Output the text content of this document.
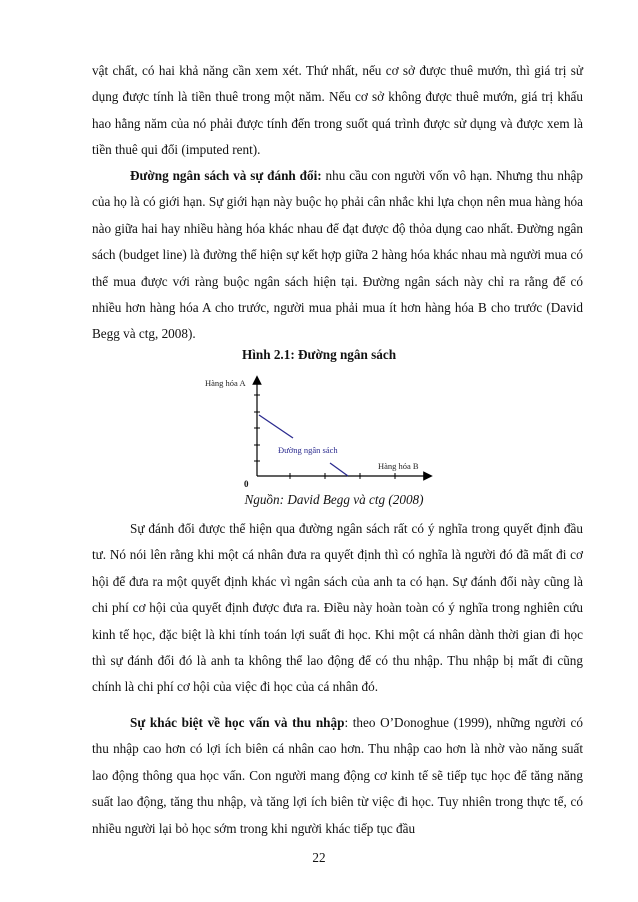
vật chất, có hai khả năng cần xem xét. Thứ nhất, nếu cơ sở được thuê mướn, thì giá trị sử dụng được tính là tiền thuê trong một năm. Nếu cơ sở không được thuê mướn, giá trị khấu hao hằng năm của nó phải được tính đến trong suốt quá trình được sử dụng và được xem là tiền thuê qui đổi (imputed rent).

Đường ngân sách và sự đánh đổi: nhu cầu con người vốn vô hạn. Nhưng thu nhập của họ là có giới hạn. Sự giới hạn này buộc họ phải cân nhắc khi lựa chọn nên mua hàng hóa nào giữa hai hay nhiều hàng hóa khác nhau để đạt được độ thỏa dụng cao nhất. Đường ngân sách (budget line) là đường thể hiện sự kết hợp giữa 2 hàng hóa khác nhau mà người mua có thể mua được với ràng buộc ngân sách hiện tại. Đường ngân sách này chỉ ra rằng để có nhiều hơn hàng hóa A cho trước, người mua phải mua ít hơn hàng hóa B cho trước (David Begg và ctg, 2008).

Hình 2.1: Đường ngân sách
Hàng hóa A
Hàng hóa B
0
Đường ngân sách
Nguồn: David Begg và ctg (2008)

Sự đánh đổi được thể hiện qua đường ngân sách rất có ý nghĩa trong quyết định đầu tư. Nó nói lên rằng khi một cá nhân đưa ra quyết định thì có nghĩa là người đó đã mất đi cơ hội để đưa ra một quyết định khác vì ngân sách của anh ta có hạn. Sự đánh đổi này cũng là chi phí cơ hội của quyết định được đưa ra. Điều này hoàn toàn có ý nghĩa trong nghiên cứu kinh tế học, đặc biệt là khi tính toán lợi suất đi học. Khi một cá nhân dành thời gian đi học thì sự đánh đổi đó là anh ta không thể lao động để có thu nhập. Thu nhập bị mất đi cũng chính là chi phí cơ hội của việc đi học của cá nhân đó.

Sự khác biệt về học vấn và thu nhập: theo O’Donoghue (1999), những người có thu nhập cao hơn có lợi ích biên cá nhân cao hơn. Thu nhập cao hơn là nhờ vào năng suất lao động thông qua học vấn. Con người mang động cơ kinh tế sẽ tiếp tục học để tăng năng suất lao động, tăng thu nhập, và tăng lợi ích biên từ việc đi học. Tuy nhiên trong thực tế, có nhiều người lại bỏ học sớm trong khi người khác tiếp tục đầu

22
